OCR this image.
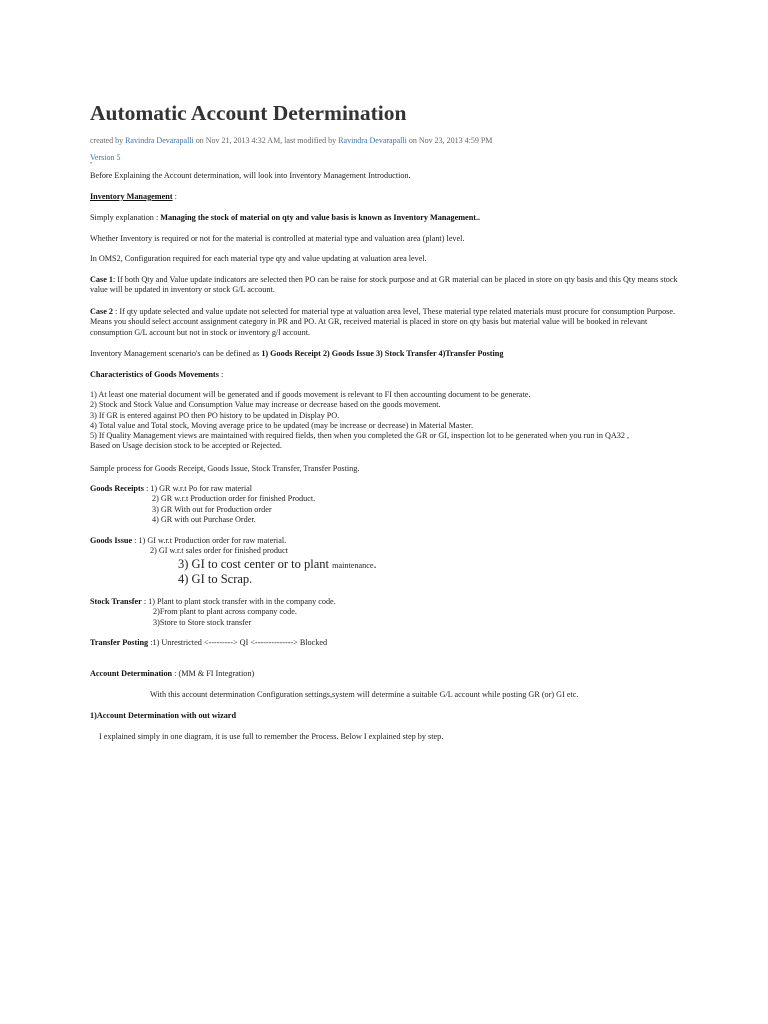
Automatic Account Determination
created by Ravindra Devarapalli on Nov 21, 2013 4:32 AM, last modified by Ravindra Devarapalli on Nov 23, 2013 4:59 PM
Version 5
•
Before Explaining the Account determination, will look into Inventory Management Introduction.
Inventory Management :
Simply explanation : Managing the stock of material on qty and value basis is known as Inventory Management..
Whether Inventory is required or not for the material is controlled at material type and valuation area (plant) level.
In OMS2, Configuration required for each material type qty and value updating at valuation area level.
Case 1: If both Qty and Value update indicators are selected then PO can be raise for stock purpose and at GR material can be placed in store on qty basis and this Qty means stock value will be updated in inventory or stock G/L account.
Case 2 : If qty update selected and value update not selected for material type at valuation area level, These material type related materials must procure for consumption Purpose. Means you should select account assignment category in PR and PO. At GR, received material is placed in store on qty basis but material value will be booked in relevant consumption G/L account but not in stock or inventory g/l account.
Inventory Management scenario's can be defined as 1) Goods Receipt 2) Goods Issue 3) Stock Transfer 4)Transfer Posting
Characteristics of Goods Movements :
1) At least one material document will be generated and if goods movement is relevant to FI then accounting document to be generate.
2) Stock and Stock Value and Consumption Value may increase or decrease based on the goods movement.
3) If GR is entered against PO then PO history to be updated in Display PO.
4) Total value and Total stock, Moving average price to be updated (may be increase or decrease) in Material Master.
5) If Quality Management views are maintained with required fields, then when you completed the GR or GI, inspection lot to be generated when you run in QA32 ,
Based on Usage decision stock to be accepted or Rejected.
Sample process for Goods Receipt, Goods Issue, Stock Transfer, Transfer Posting.
Goods Receipts : 1) GR w.r.t Po for raw material
2) GR w.r.t Production order for finished Product.
3) GR With out for Production order
4) GR with out Purchase Order.
Goods Issue : 1) GI w.r.t Production order for raw material.
2) GI w.r.t sales order for finished product
3) GI to cost center or to plant maintenance.
4) GI to Scrap.
Stock Transfer : 1) Plant to plant stock transfer with in the company code.
2)From plant to plant across company code.
3)Store to Store stock transfer
Transfer Posting :1) Unrestricted <---------> QI <--------------> Blocked
Account Determination : (MM & FI Integration)
With this account determination Configuration settings,system will determine a suitable G/L account while posting GR (or) GI etc.
1)Account Determination with out wizard
I explained simply in one diagram, it is use full to remember the Process. Below I explained step by step.
